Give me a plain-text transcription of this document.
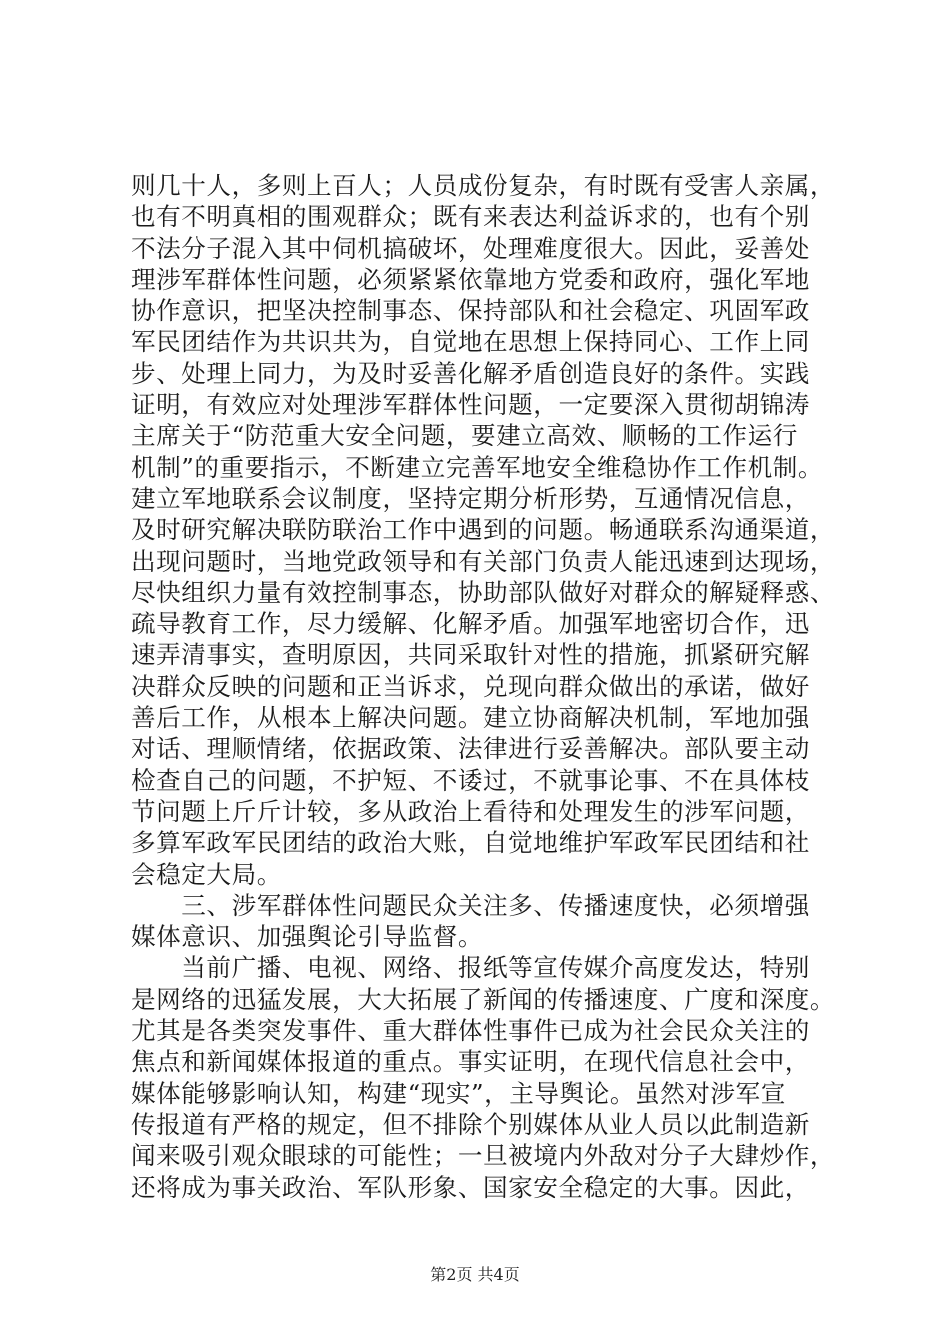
则几十人，多则上百人；人员成份复杂，有时既有受害人亲属，
也有不明真相的围观群众；既有来表达利益诉求的，也有个别
不法分子混入其中伺机搞破坏，处理难度很大。因此，妥善处
理涉军群体性问题，必须紧紧依靠地方党委和政府，强化军地
协作意识，把坚决控制事态、保持部队和社会稳定、巩固军政
军民团结作为共识共为，自觉地在思想上保持同心、工作上同
步、处理上同力，为及时妥善化解矛盾创造良好的条件。实践
证明，有效应对处理涉军群体性问题，一定要深入贯彻胡锦涛
主席关于“防范重大安全问题，要建立高效、顺畅的工作运行
机制”的重要指示，不断建立完善军地安全维稳协作工作机制。
建立军地联系会议制度，坚持定期分析形势，互通情况信息，
及时研究解决联防联治工作中遇到的问题。畅通联系沟通渠道，
出现问题时，当地党政领导和有关部门负责人能迅速到达现场，
尽快组织力量有效控制事态，协助部队做好对群众的解疑释惑、
疏导教育工作，尽力缓解、化解矛盾。加强军地密切合作，迅
速弄清事实，查明原因，共同采取针对性的措施，抓紧研究解
决群众反映的问题和正当诉求，兑现向群众做出的承诺，做好
善后工作，从根本上解决问题。建立协商解决机制，军地加强
对话、理顺情绪，依据政策、法律进行妥善解决。部队要主动
检查自己的问题，不护短、不诿过，不就事论事、不在具体枝
节问题上斤斤计较，多从政治上看待和处理发生的涉军问题，
多算军政军民团结的政治大账，自觉地维护军政军民团结和社
会稳定大局。
　　三、涉军群体性问题民众关注多、传播速度快，必须增强
媒体意识、加强舆论引导监督。
　　当前广播、电视、网络、报纸等宣传媒介高度发达，特别
是网络的迅猛发展，大大拓展了新闻的传播速度、广度和深度。
尤其是各类突发事件、重大群体性事件已成为社会民众关注的
焦点和新闻媒体报道的重点。事实证明，在现代信息社会中，
媒体能够影响认知，构建“现实”，主导舆论。虽然对涉军宣
传报道有严格的规定，但不排除个别媒体从业人员以此制造新
闻来吸引观众眼球的可能性；一旦被境内外敌对分子大肆炒作，
还将成为事关政治、军队形象、国家安全稳定的大事。因此，
第2页 共4页
